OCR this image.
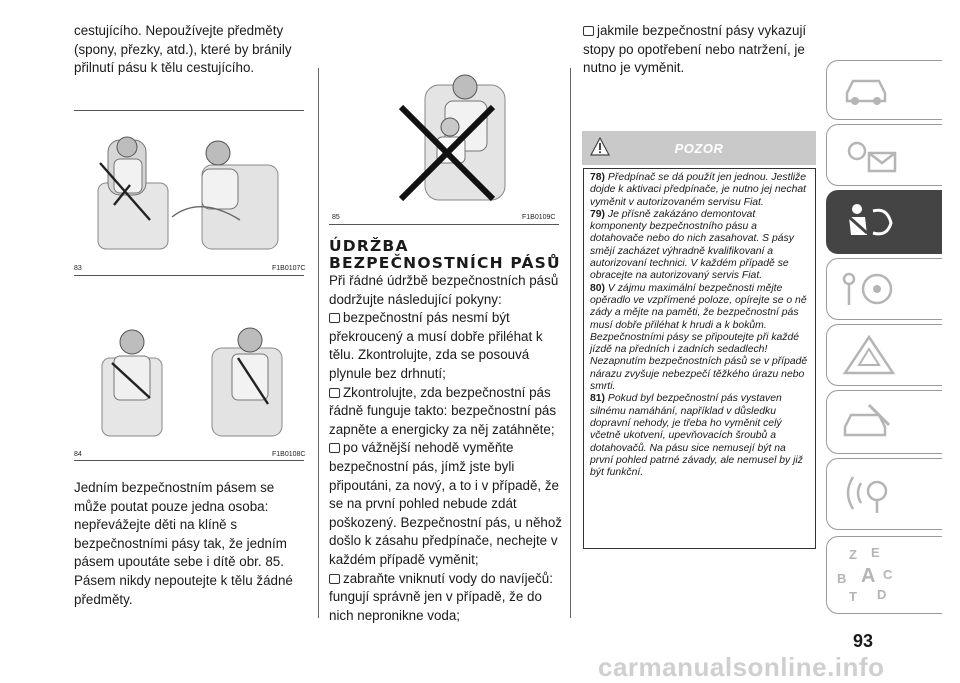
cestujícího. Nepoužívejte předměty (spony, přezky, atd.), které by bránily přilnutí pásu k tělu cestujícího.
83	F1B0107C
84	F1B0108C
Jedním bezpečnostním pásem se může poutat pouze jedna osoba: nepřevážejte děti na klíně s bezpečnostními pásy tak, že jedním pásem upoutáte sebe i dítě obr. 85. Pásem nikdy nepoutejte k tělu žádné předměty.
85	F1B0109C
ÚDRŽBA
BEZPEČNOSTNÍCH PÁSŮ
Při řádné údržbě bezpečnostních pásů dodržujte následující pokyny:
bezpečnostní pás nesmí být překroucený a musí dobře přiléhat k tělu. Zkontrolujte, zda se posouvá plynule bez drhnutí;
Zkontrolujte, zda bezpečnostní pás řádně funguje takto: bezpečnostní pás zapněte a energicky za něj zatáhněte;
po vážnější nehodě vyměňte bezpečnostní pás, jímž jste byli připoutáni, za nový, a to i v případě, že se na první pohled nebude zdát poškozený. Bezpečnostní pás, u něhož došlo k zásahu předpínače, nechejte v každém případě vyměnit;
zabraňte vniknutí vody do navíječů: fungují správně jen v případě, že do nich nepronikne voda;
jakmile bezpečnostní pásy vykazují stopy po opotřebení nebo natržení, je nutno je vyměnit.
POZOR

78) Předpínač se dá použít jen jednou. Jestliže dojde k aktivaci předpínače, je nutno jej nechat vyměnit v autorizovaném servisu Fiat.

79) Je přísně zakázáno demontovat komponenty bezpečnostního pásu a dotahovače nebo do nich zasahovat. S pásy smějí zacházet výhradně kvalifikovaní a autorizovaní technici. V každém případě se obracejte na autorizovaný servis Fiat.

80) V zájmu maximální bezpečnosti mějte opěradlo ve vzpřímené poloze, opírejte se o ně zády a mějte na paměti, že bezpečnostní pás musí dobře přiléhat k hrudi a k bokům. Bezpečnostními pásy se připoutejte při každé jízdě na předních i zadních sedadlech! Nezapnutím bezpečnostních pásů se v případě nárazu zvyšuje nebezpečí těžkého úrazu nebo smrti.

81) Pokud byl bezpečnostní pás vystaven silnému namáhání, například v důsledku dopravní nehody, je třeba ho vyměnit celý včetně ukotvení, upevňovacích šroubů a dotahovačů. Na pásu sice nemusejí být na první pohled patrné závady, ale nemusel by již být funkční.

Z E
B A C
T D
93
carmanualsonline.info
